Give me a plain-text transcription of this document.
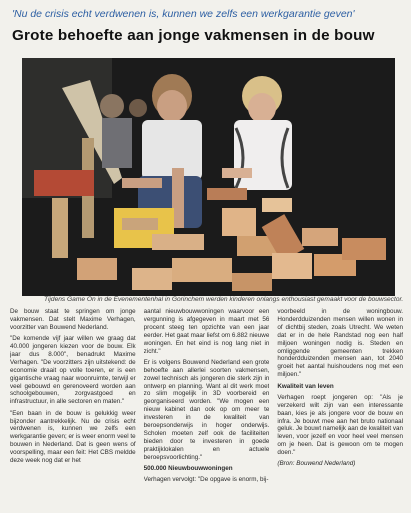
'Nu de crisis echt verdwenen is, kunnen we zelfs een werkgarantie geven'
Grote behoefte aan jonge vakmensen in de bouw
Tijdens Game On in de Evenementenhal in Gorinchem werden kinderen onlangs enthousiast gemaakt voor de bouwsector.

De bouw staat te springen om jonge vakmensen. Dat stelt Maxime Verhagen, voorzitter van Bouwend Nederland.

"De komende vijf jaar willen we graag dat 40.000 jongeren kiezen voor de bouw. Elk jaar dus 8.000", benadrukt Maxime Verhagen. "De voorzitters zijn uitstekend: de economie draait op volle toeren, er is een gigantische vraag naar woonruimte, terwijl er veel gebouwd en gerenoveerd worden aan schoolgebouwen, zorgvastgoed en infrastructuur, in alle sectoren en maten."

"Een baan in de bouw is gelukkig weer bijzonder aantrekkelijk. Nu de crisis echt verdwenen is, kunnen we zelfs een werkgarantie geven; er is weer enorm veel te bouwen in Nederland. Dat is geen wens of voorspelling, maar een feit: Het CBS meldde deze week nog dat er het

aantal nieuwbouwwoningen waarvoor een vergunning is afgegeven in maart met 56 procent steeg ten opzichte van een jaar eerder. Het gaat maar liefst om 6.882 nieuwe woningen. En het eind is nog lang niet in zicht."

Er is volgens Bouwend Nederland een grote behoefte aan allerlei soorten vakmensen, zowel technisch als jongeren die sterk zijn in ontwerp en planning. Want al dit werk moet zo slim mogelijk in 3D voorbereid en georganiseerd worden. "We mogen een nieuw kabinet dan ook op om meer te investeren in de kwaliteit van beroepsonderwijs in hoger onderwijs. Scholen moeten zelf ook de faciliteiten bieden door te investeren in goede praktijklokalen en actuele beroepsvoorlichting."

500.000 Nieuwbouwwoningen

Verhagen vervolgt: "De opgave is enorm, bij-

voorbeeld in de woningbouw. Honderdduizenden mensen willen wonen in of dichtbij steden, zoals Utrecht. We weten dat er in de hele Randstad nog een half miljoen woningen nodig is. Steden en omliggende gemeenten trekken honderdduizenden mensen aan, tot 2040 groeit het aantal huishoudens nog met een miljoen."

Kwaliteit van leven

Verhagen roept jongeren op: "Als je verzekerd wilt zijn van een interessante baan, kies je als jongere voor de bouw en infra. Je bouwt mee aan het bruto nationaal geluk. Je bouwt namelijk aan de kwaliteit van leven, voor jezelf en voor heel veel mensen om je heen. Dat is gewoon om te mogen doen."

(Bron: Bouwend Nederland)
